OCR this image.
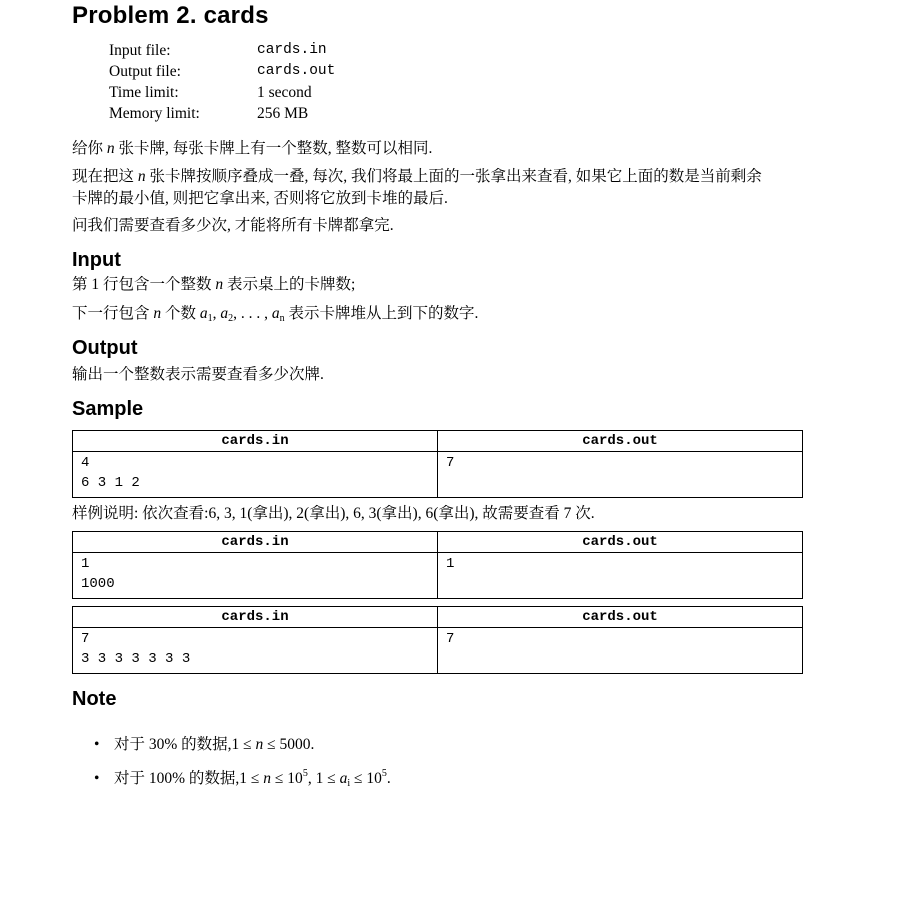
Problem 2. cards
Input file:	cards.in
Output file:	cards.out
Time limit:	1 second
Memory limit:	256 MB
给你 n 张卡牌, 每张卡牌上有一个整数, 整数可以相同.
现在把这 n 张卡牌按顺序叠成一叠, 每次, 我们将最上面的一张拿出来查看, 如果它上面的数是当前剩余
卡牌的最小值, 则把它拿出来, 否则将它放到卡堆的最后.
问我们需要查看多少次, 才能将所有卡牌都拿完.
Input
第 1 行包含一个整数 n 表示桌上的卡牌数;
下一行包含 n 个数 $a_1$, $a_2$, . . . , $a_n$ 表示卡牌堆从上到下的数字.
Output
输出一个整数表示需要查看多少次牌.
Sample
cards.in	cards.out

4
6 3 1 2	7
样例说明: 依次查看:6, 3, 1(拿出), 2(拿出), 6, 3(拿出), 6(拿出), 故需要查看 7 次.
cards.in	cards.out

1
1000	1
cards.in	cards.out

7
3 3 3 3 3 3 3	7
Note
• 对于 30% 的数据,1 ≤ n ≤ 5000.
• 对于 100% 的数据$,1 \le n \le 10^5$, $1 \le a_i \le 10^5$.
